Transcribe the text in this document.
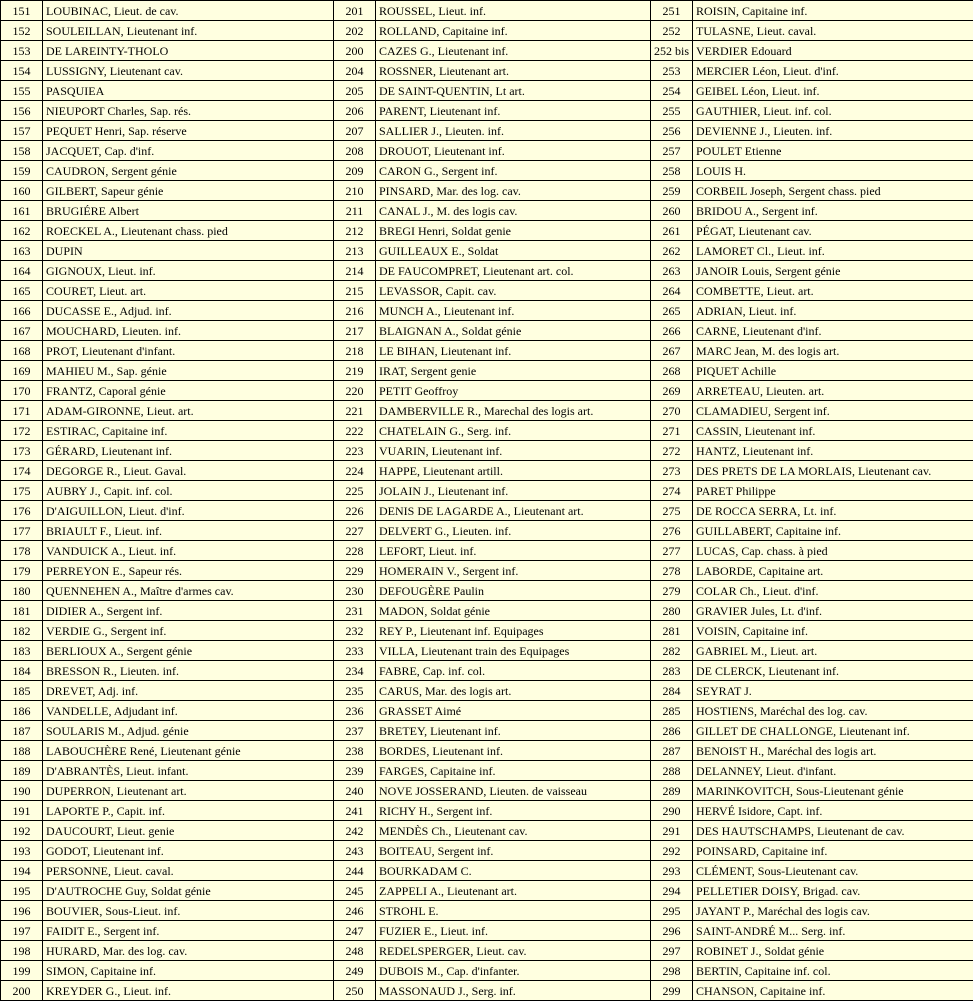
151	LOUBINAC, Lieut. de cav.	201	ROUSSEL, Lieut. inf.	251	ROISIN, Capitaine inf.
152	SOULEILLAN, Lieutenant inf.	202	ROLLAND, Capitaine inf.	252	TULASNE, Lieut. caval.
153	DE LAREINTY-THOLO	200	CAZES G., Lieutenant inf.	252 bis	VERDIER Edouard
154	LUSSIGNY, Lieutenant cav.	204	ROSSNER, Lieutenant art.	253	MERCIER Léon, Lieut. d'inf.
155	PASQUIEA	205	DE SAINT-QUENTIN, Lt art.	254	GEIBEL Léon, Lieut. inf.
156	NIEUPORT Charles, Sap. rés.	206	PARENT, Lieutenant inf.	255	GAUTHIER, Lieut. inf. col.
157	PEQUET Henri, Sap. réserve	207	SALLIER J., Lieuten. inf.	256	DEVIENNE J., Lieuten. inf.
158	JACQUET, Cap. d'inf.	208	DROUOT, Lieutenant inf.	257	POULET Etienne
159	CAUDRON, Sergent génie	209	CARON G., Sergent inf.	258	LOUIS H.
160	GILBERT, Sapeur génie	210	PINSARD, Mar. des log. cav.	259	CORBEIL Joseph, Sergent chass. pied
161	BRUGIÉRE Albert	211	CANAL J., M. des logis cav.	260	BRIDOU A., Sergent inf.
162	ROECKEL A., Lieutenant chass. pied	212	BREGI Henri, Soldat genie	261	PÉGAT, Lieutenant cav.
163	DUPIN	213	GUILLEAUX E., Soldat	262	LAMORET Cl., Lieut. inf.
164	GIGNOUX, Lieut. inf.	214	DE FAUCOMPRET, Lieutenant art. col.	263	JANOIR Louis, Sergent génie
165	COURET, Lieut. art.	215	LEVASSOR, Capit. cav.	264	COMBETTE, Lieut. art.
166	DUCASSE E., Adjud. inf.	216	MUNCH A., Lieutenant inf.	265	ADRIAN, Lieut. inf.
167	MOUCHARD, Lieuten. inf.	217	BLAIGNAN A., Soldat génie	266	CARNE, Lieutenant d'inf.
168	PROT, Lieutenant d'infant.	218	LE BIHAN, Lieutenant inf.	267	MARC Jean, M. des logis art.
169	MAHIEU M., Sap. génie	219	IRAT, Sergent genie	268	PIQUET Achille
170	FRANTZ, Caporal génie	220	PETIT Geoffroy	269	ARRETEAU, Lieuten. art.
171	ADAM-GIRONNE, Lieut. art.	221	DAMBERVILLE R., Marechal des logis art.	270	CLAMADIEU, Sergent inf.
172	ESTIRAC, Capitaine inf.	222	CHATELAIN G., Serg. inf.	271	CASSIN, Lieutenant inf.
173	GÉRARD, Lieutenant inf.	223	VUARIN, Lieutenant inf.	272	HANTZ, Lieutenant inf.
174	DEGORGE R., Lieut. Gaval.	224	HAPPE, Lieutenant artill.	273	DES PRETS DE LA MORLAIS, Lieutenant cav.
175	AUBRY J., Capit. inf. col.	225	JOLAIN J., Lieutenant inf.	274	PARET Philippe
176	D'AIGUILLON, Lieut. d'inf.	226	DENIS DE LAGARDE A., Lieutenant art.	275	DE ROCCA SERRA, Lt. inf.
177	BRIAULT F., Lieut. inf.	227	DELVERT G., Lieuten. inf.	276	GUILLABERT, Capitaine inf.
178	VANDUICK A., Lieut. inf.	228	LEFORT, Lieut. inf.	277	LUCAS, Cap. chass. à pied
179	PERREYON E., Sapeur rés.	229	HOMERAIN V., Sergent inf.	278	LABORDE, Capitaine art.
180	QUENNEHEN A., Maître d'armes cav.	230	DEFOUGÈRE Paulin	279	COLAR Ch., Lieut. d'inf.
181	DIDIER A., Sergent inf.	231	MADON, Soldat génie	280	GRAVIER Jules, Lt. d'inf.
182	VERDIE G., Sergent inf.	232	REY P., Lieutenant inf. Equipages	281	VOISIN, Capitaine inf.
183	BERLIOUX A., Sergent génie	233	VILLA, Lieutenant train des Equipages	282	GABRIEL M., Lieut. art.
184	BRESSON R., Lieuten. inf.	234	FABRE, Cap. inf. col.	283	DE CLERCK, Lieutenant inf.
185	DREVET, Adj. inf.	235	CARUS, Mar. des logis art.	284	SEYRAT J.
186	VANDELLE, Adjudant inf.	236	GRASSET Aimé	285	HOSTIENS, Maréchal des log. cav.
187	SOULARIS M., Adjud. génie	237	BRETEY, Lieutenant inf.	286	GILLET DE CHALLONGE, Lieutenant inf.
188	LABOUCHÈRE René, Lieutenant génie	238	BORDES, Lieutenant inf.	287	BENOIST H., Maréchal des logis art.
189	D'ABRANTÈS, Lieut. infant.	239	FARGES, Capitaine inf.	288	DELANNEY, Lieut. d'infant.
190	DUPERRON, Lieutenant art.	240	NOVE JOSSERAND, Lieuten. de vaisseau	289	MARINKOVITCH, Sous-Lieutenant génie
191	LAPORTE P., Capit. inf.	241	RICHY H., Sergent inf.	290	HERVÉ Isidore, Capt. inf.
192	DAUCOURT, Lieut. genie	242	MENDÈS Ch., Lieutenant cav.	291	DES HAUTSCHAMPS, Lieutenant de cav.
193	GODOT, Lieutenant inf.	243	BOITEAU, Sergent inf.	292	POINSARD, Capitaine inf.
194	PERSONNE, Lieut. caval.	244	BOURKADAM C.	293	CLÉMENT, Sous-Lieutenant cav.
195	D'AUTROCHE Guy, Soldat génie	245	ZAPPELI A., Lieutenant art.	294	PELLETIER DOISY, Brigad. cav.
196	BOUVIER, Sous-Lieut. inf.	246	STROHL E.	295	JAYANT P., Maréchal des logis cav.
197	FAIDIT E., Sergent inf.	247	FUZIER E., Lieut. inf.	296	SAINT-ANDRÉ M... Serg. inf.
198	HURARD, Mar. des log. cav.	248	REDELSPERGER, Lieut. cav.	297	ROBINET J., Soldat génie
199	SIMON, Capitaine inf.	249	DUBOIS M., Cap. d'infanter.	298	BERTIN, Capitaine inf. col.
200	KREYDER G., Lieut. inf.	250	MASSONAUD J., Serg. inf.	299	CHANSON, Capitaine inf.
